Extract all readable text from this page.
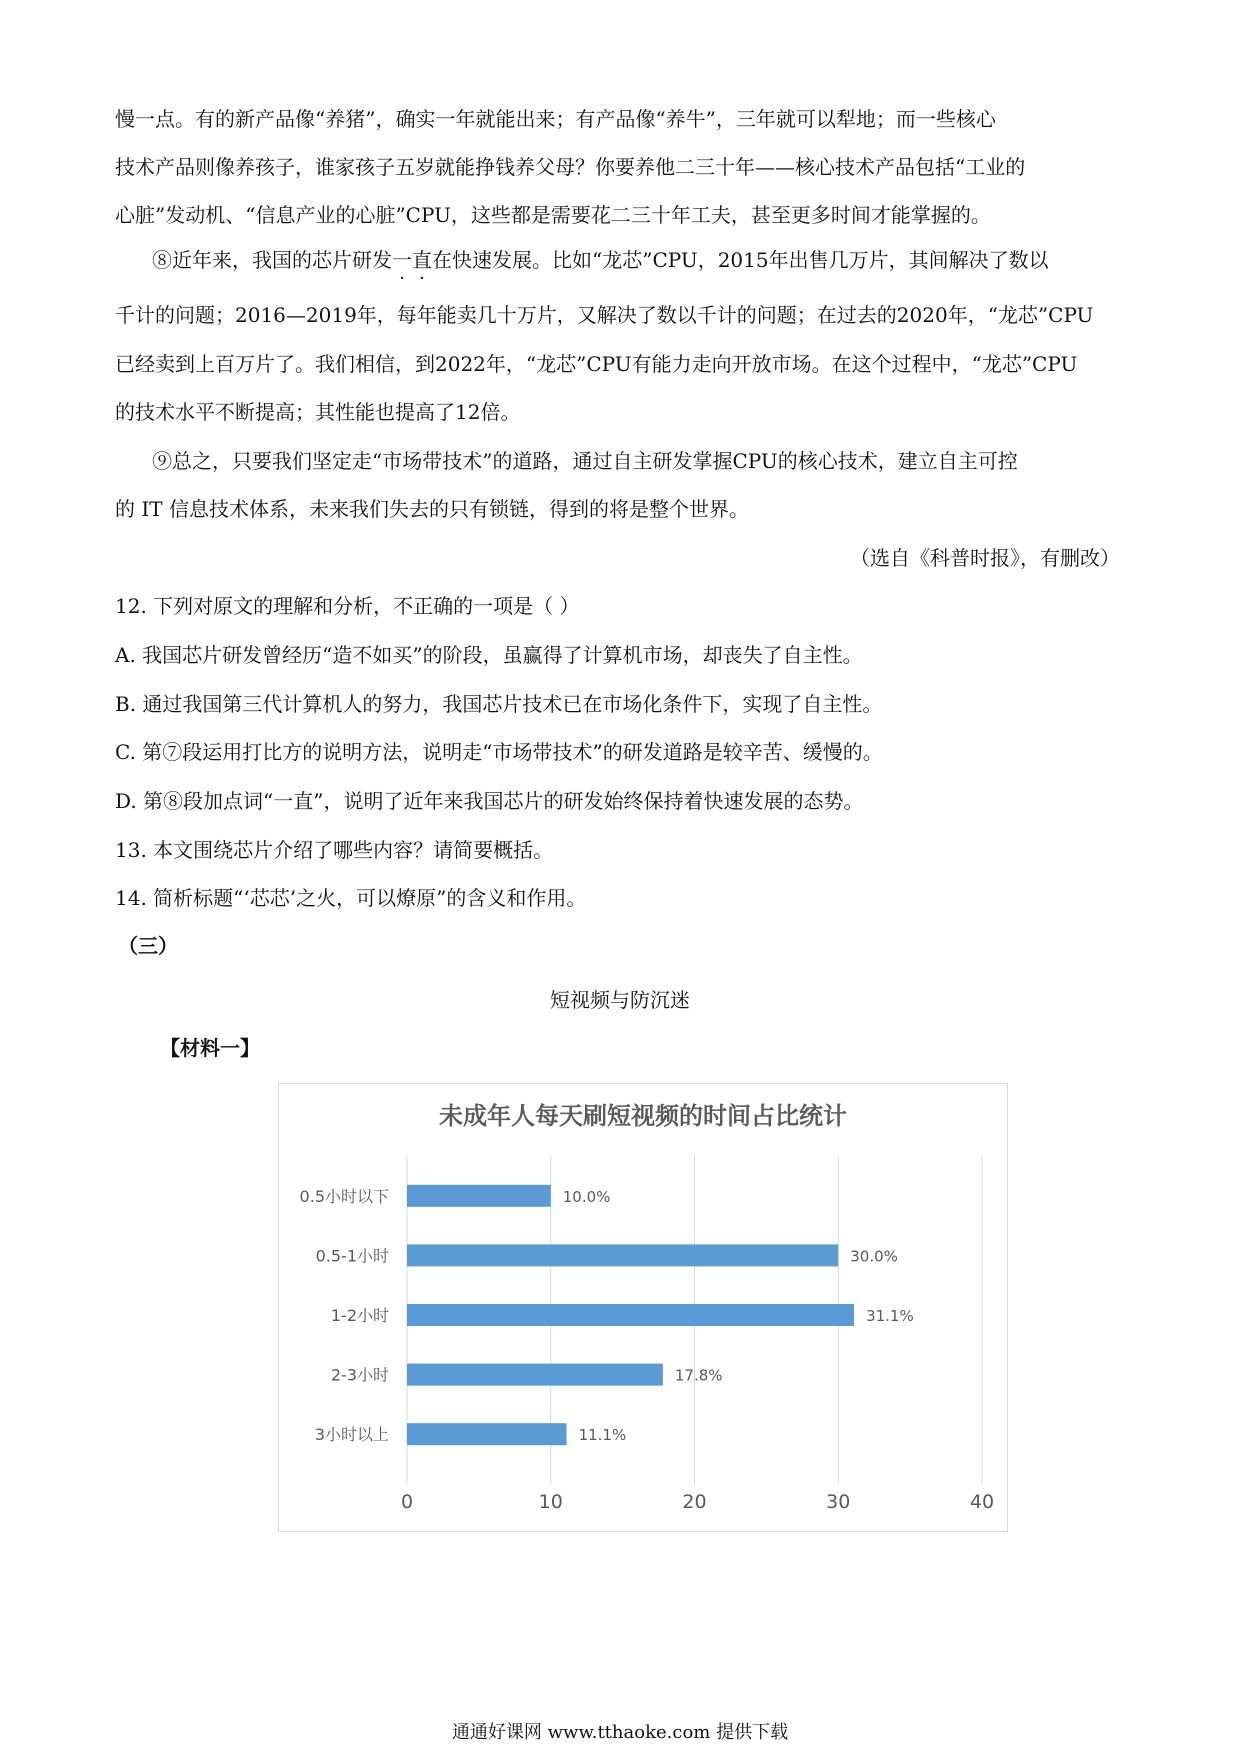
慢一点。有的新产品像“养猪”，确实一年就能出来；有产品像“养牛”，三年就可以犁地；而一些核心
技术产品则像养孩子，谁家孩子五岁就能挣钱养父母？你要养他二三十年——核心技术产品包括“工业的
心脏”发动机、“信息产业的心脏”CPU，这些都是需要花二三十年工夫，甚至更多时间才能掌握的。
⑧近年来，我国的芯片研发一直在快速发展。比如“龙芯”CPU，2015年出售几万片，其间解决了数以
千计的问题；2016—2019年，每年能卖几十万片，又解决了数以千计的问题；在过去的2020年，“龙芯”CPU
已经卖到上百万片了。我们相信，到2022年，“龙芯”CPU有能力走向开放市场。在这个过程中，“龙芯”CPU
的技术水平不断提高；其性能也提高了12倍。
⑨总之，只要我们坚定走“市场带技术”的道路，通过自主研发掌握CPU的核心技术，建立自主可控
的 IT 信息技术体系，未来我们失去的只有锁链，得到的将是整个世界。
（选自《科普时报》，有删改）
12. 下列对原文的理解和分析，不正确的一项是（ ）
A. 我国芯片研发曾经历“造不如买”的阶段，虽赢得了计算机市场，却丧失了自主性。
B. 通过我国第三代计算机人的努力，我国芯片技术已在市场化条件下，实现了自主性。
C. 第⑦段运用打比方的说明方法，说明走“市场带技术”的研发道路是较辛苦、缓慢的。
D. 第⑧段加点词“一直”，说明了近年来我国芯片的研发始终保持着快速发展的态势。
13. 本文围绕芯片介绍了哪些内容？请简要概括。
14. 简析标题“‘芯芯’之火，可以燎原”的含义和作用。
（三）
短视频与防沉迷
【材料一】
未成年人每天刷短视频的时间占比统计
0	10	20	30	40
0.5小时以下	10.0%
0.5-1小时	30.0%
1-2小时	31.1%
2-3小时	17.8%
3小时以上	11.1%
通通好课网 www.tthaoke.com 提供下载
